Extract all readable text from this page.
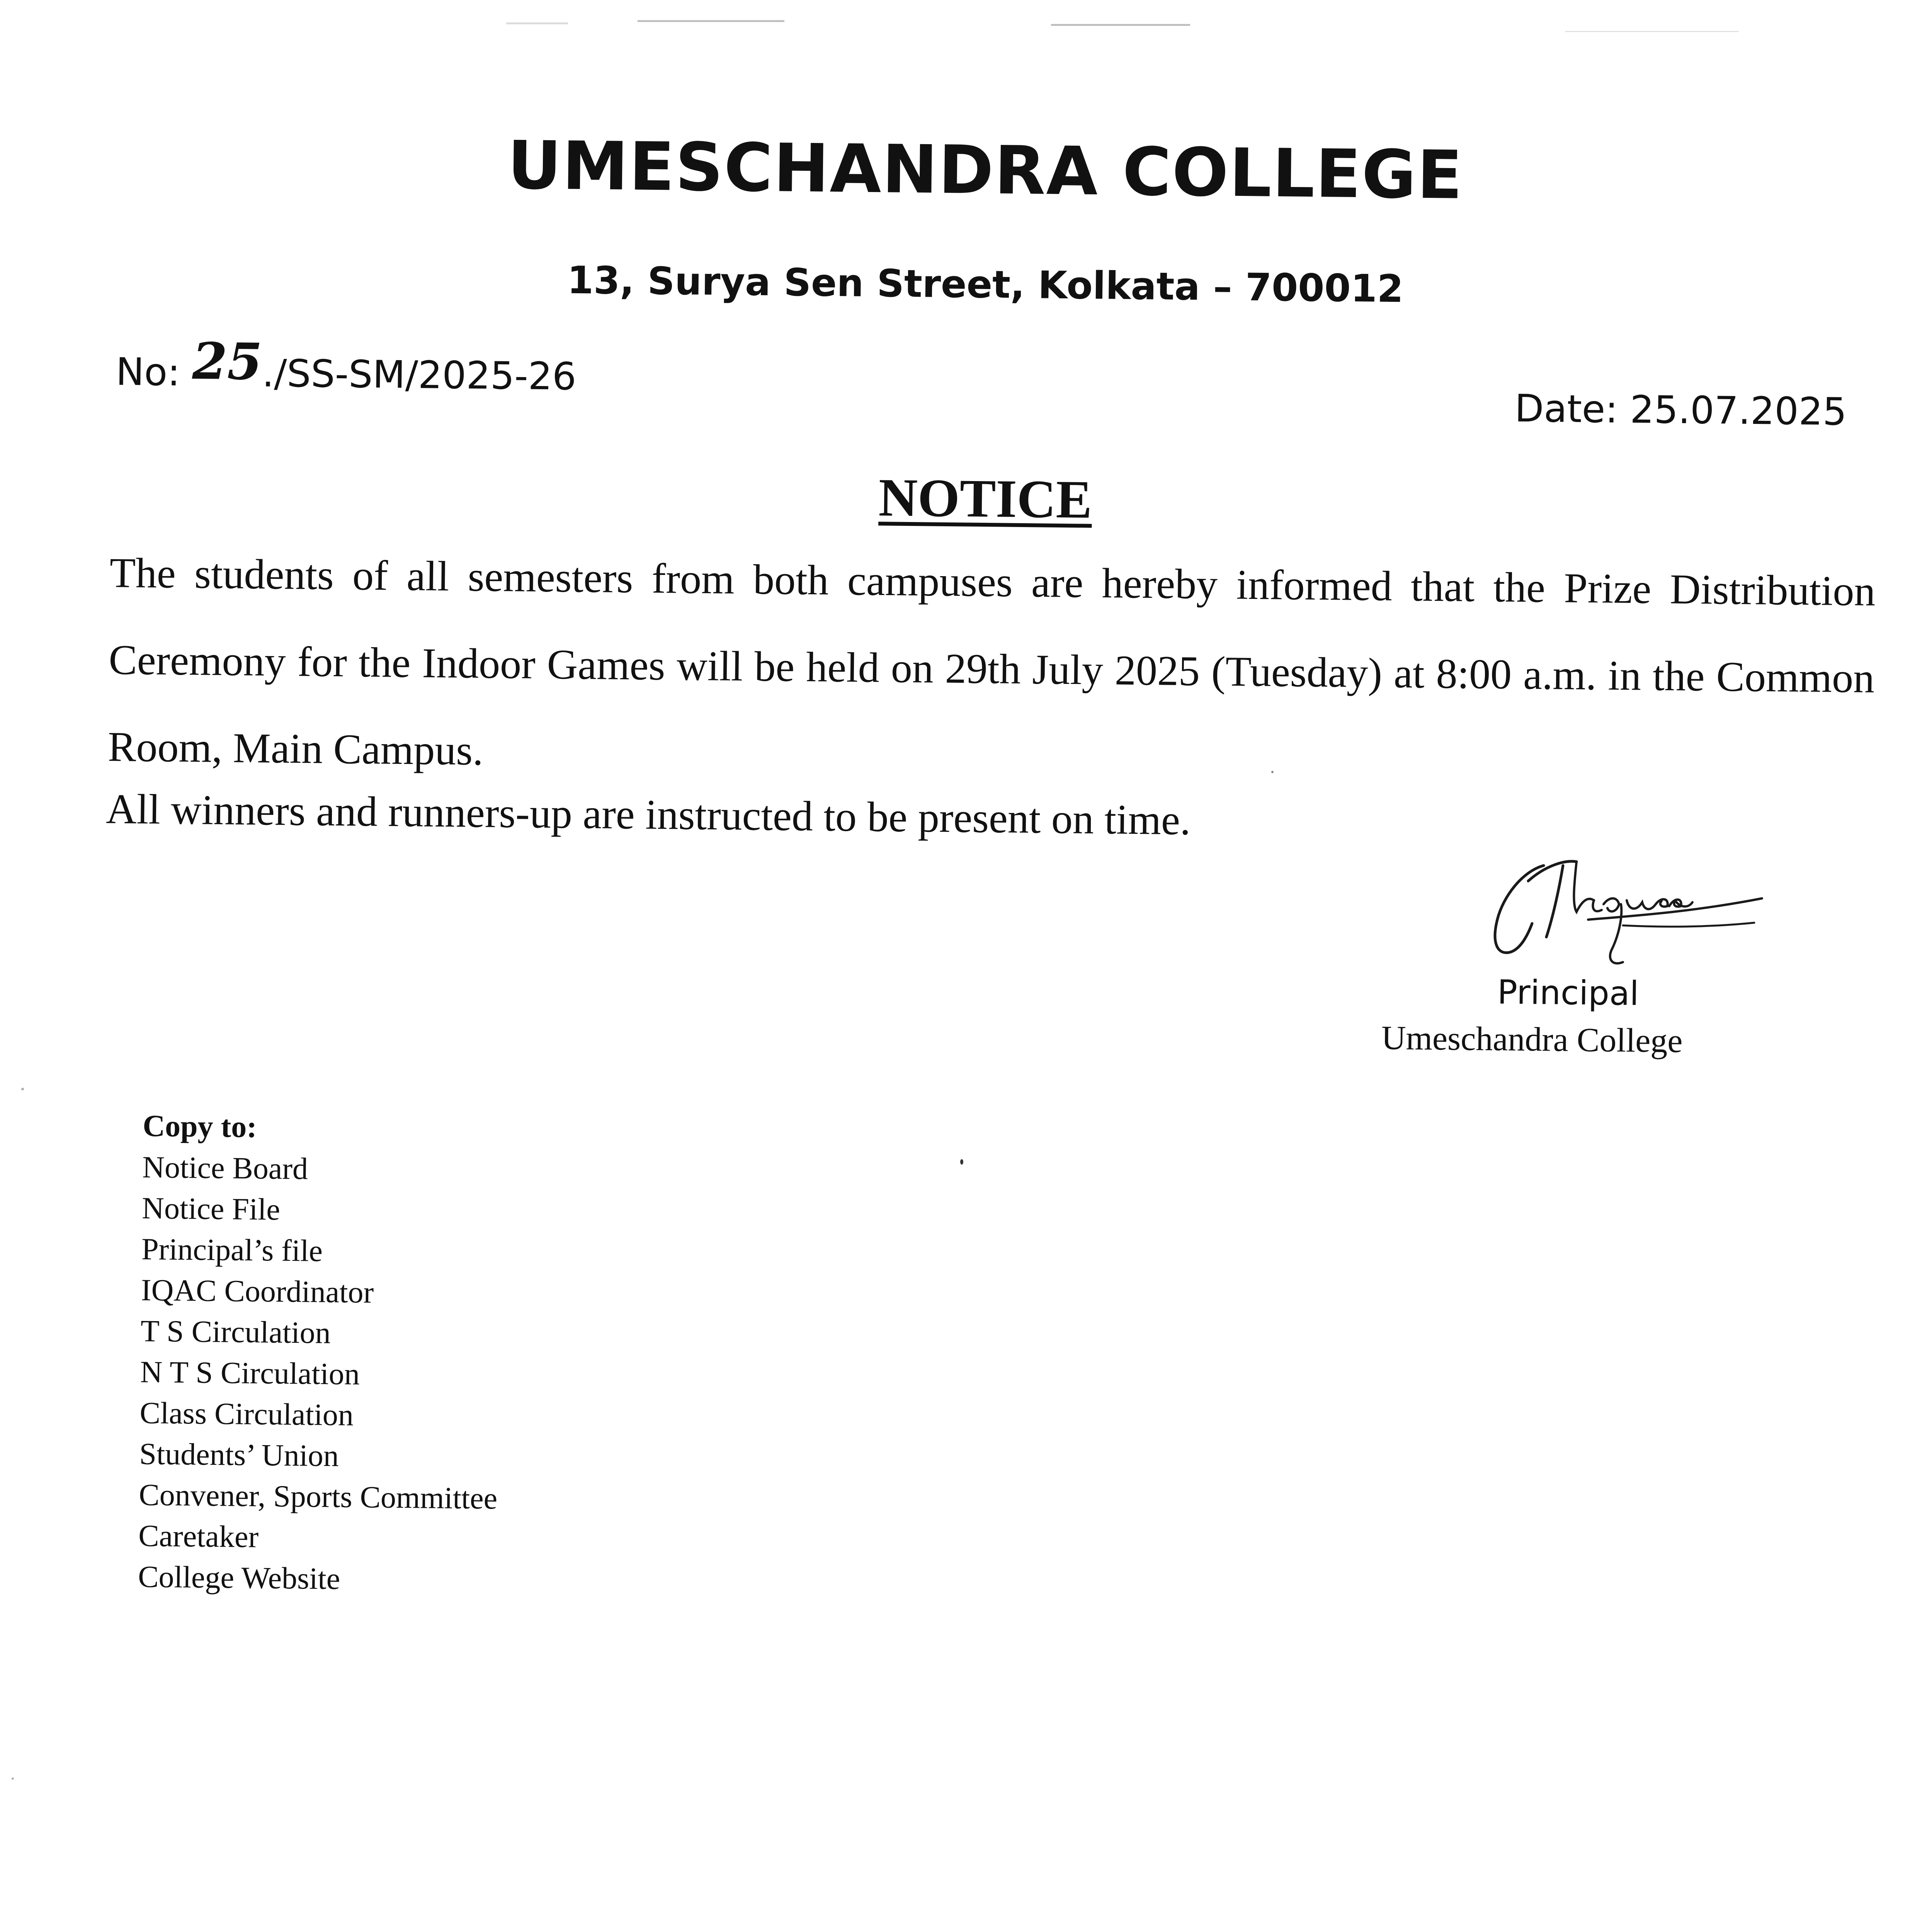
UMESCHANDRA COLLEGE
13, Surya Sen Street, Kolkata – 700012
No: 25./SS-SM/2025-26
Date: 25.07.2025
NOTICE

The students of all semesters from both campuses are hereby informed that the Prize Distribution Ceremony for the Indoor Games will be held on 29th July 2025 (Tuesday) at 8:00 a.m. in the Common Room, Main Campus.

All winners and runners-up are instructed to be present on time.

Principal
Umeschandra College
Copy to:
Notice Board
Notice File
Principal’s file
IQAC Coordinator
T S Circulation
N T S Circulation
Class Circulation
Students’ Union
Convener, Sports Committee
Caretaker
College Website
